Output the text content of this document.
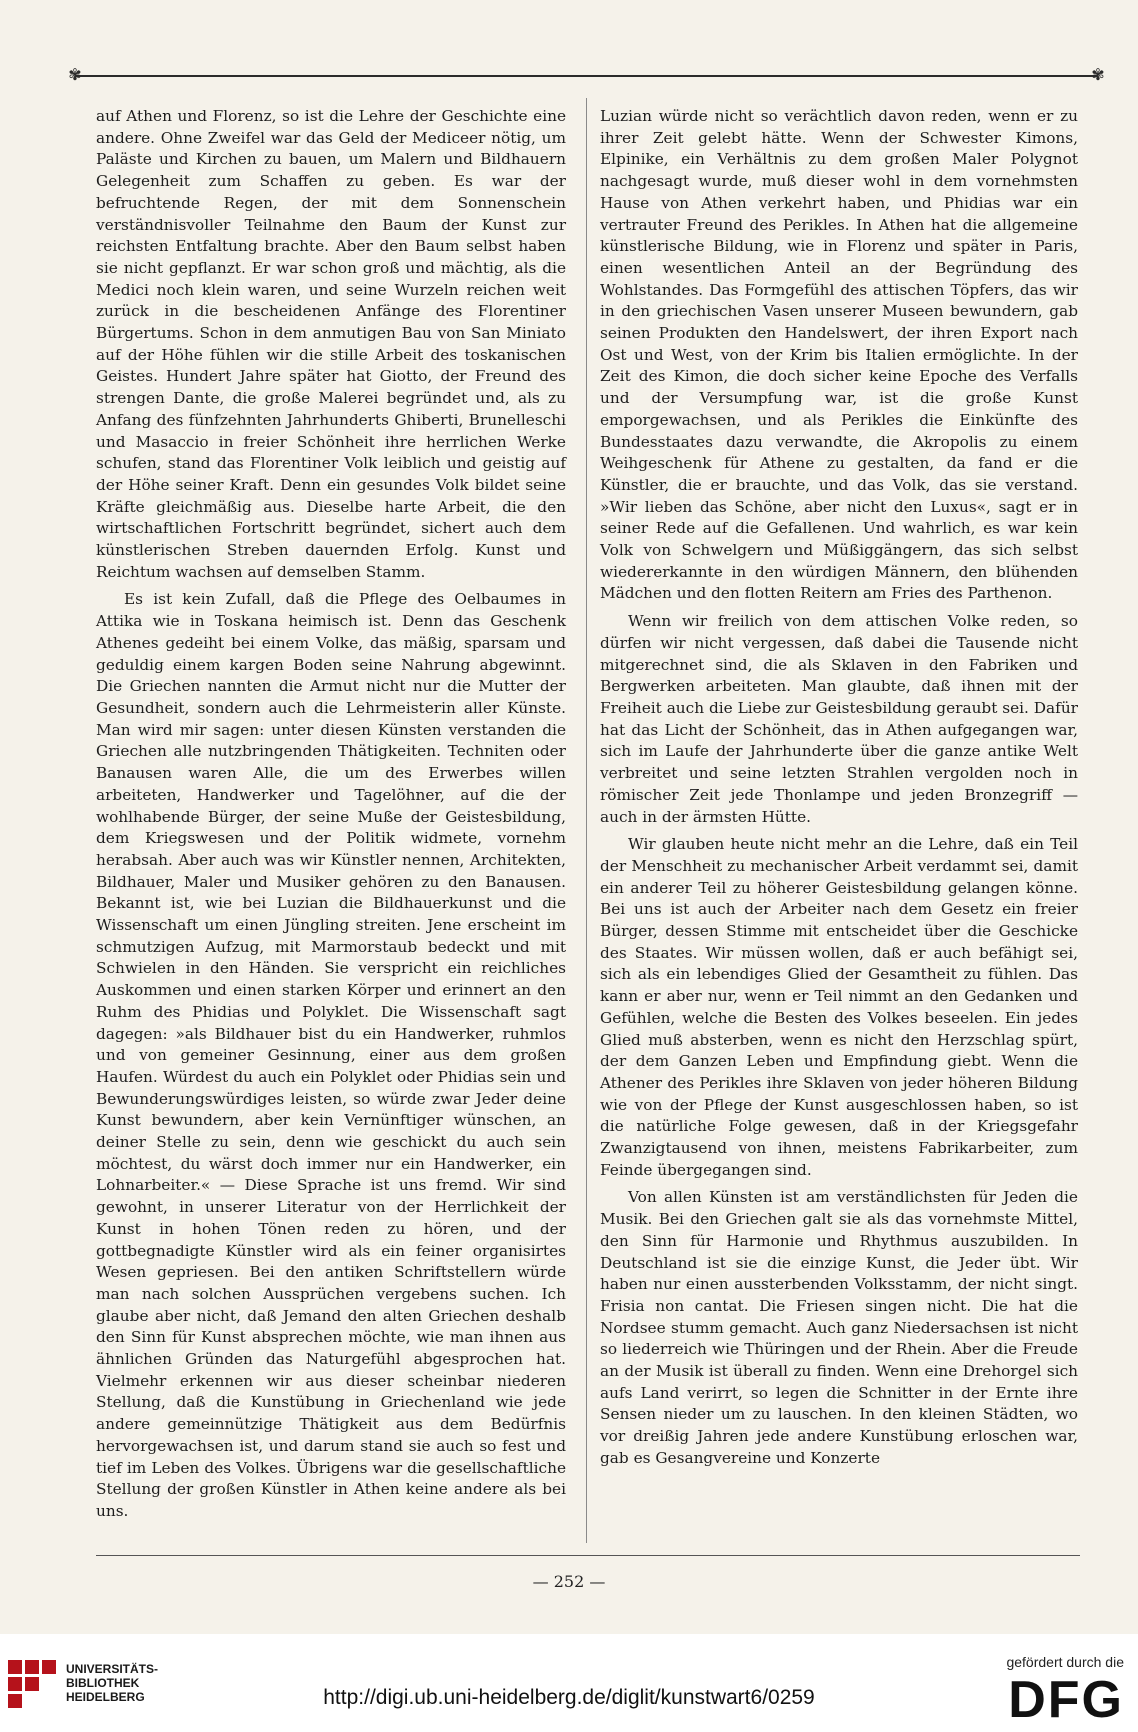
✾	✾

auf Athen und Florenz, so ist die Lehre der Geschichte eine andere. Ohne Zweifel war das Geld der Mediceer nötig, um Paläste und Kirchen zu bauen, um Malern und Bildhauern Gelegenheit zum Schaffen zu geben. Es war der befruchtende Regen, der mit dem Sonnenschein verständnisvoller Teilnahme den Baum der Kunst zur reichsten Entfaltung brachte. Aber den Baum selbst haben sie nicht gepflanzt. Er war schon groß und mächtig, als die Medici noch klein waren, und seine Wurzeln reichen weit zurück in die bescheidenen Anfänge des Florentiner Bürgertums. Schon in dem anmutigen Bau von San Miniato auf der Höhe fühlen wir die stille Arbeit des toskanischen Geistes. Hundert Jahre später hat Giotto, der Freund des strengen Dante, die große Malerei begründet und, als zu Anfang des fünfzehnten Jahrhunderts Ghiberti, Brunelleschi und Masaccio in freier Schönheit ihre herrlichen Werke schufen, stand das Florentiner Volk leiblich und geistig auf der Höhe seiner Kraft. Denn ein gesundes Volk bildet seine Kräfte gleichmäßig aus. Dieselbe harte Arbeit, die den wirtschaftlichen Fortschritt begründet, sichert auch dem künstlerischen Streben dauernden Erfolg. Kunst und Reichtum wachsen auf demselben Stamm.

Es ist kein Zufall, daß die Pflege des Oelbaumes in Attika wie in Toskana heimisch ist. Denn das Geschenk Athenes gedeiht bei einem Volke, das mäßig, sparsam und geduldig einem kargen Boden seine Nahrung abgewinnt. Die Griechen nannten die Armut nicht nur die Mutter der Gesundheit, sondern auch die Lehrmeisterin aller Künste. Man wird mir sagen: unter diesen Künsten verstanden die Griechen alle nutzbringenden Thätigkeiten. Techniten oder Banausen waren Alle, die um des Erwerbes willen arbeiteten, Handwerker und Tagelöhner, auf die der wohlhabende Bürger, der seine Muße der Geistesbildung, dem Kriegswesen und der Politik widmete, vornehm herabsah. Aber auch was wir Künstler nennen, Architekten, Bildhauer, Maler und Musiker gehören zu den Banausen. Bekannt ist, wie bei Luzian die Bildhauerkunst und die Wissenschaft um einen Jüngling streiten. Jene erscheint im schmutzigen Aufzug, mit Marmorstaub bedeckt und mit Schwielen in den Händen. Sie verspricht ein reichliches Auskommen und einen starken Körper und erinnert an den Ruhm des Phidias und Polyklet. Die Wissenschaft sagt dagegen: »als Bildhauer bist du ein Handwerker, ruhmlos und von gemeiner Gesinnung, einer aus dem großen Haufen. Würdest du auch ein Polyklet oder Phidias sein und Bewunderungswürdiges leisten, so würde zwar Jeder deine Kunst bewundern, aber kein Vernünftiger wünschen, an deiner Stelle zu sein, denn wie geschickt du auch sein möchtest, du wärst doch immer nur ein Handwerker, ein Lohnarbeiter.« — Diese Sprache ist uns fremd. Wir sind gewohnt, in unserer Literatur von der Herrlichkeit der Kunst in hohen Tönen reden zu hören, und der gottbegnadigte Künstler wird als ein feiner organisirtes Wesen gepriesen. Bei den antiken Schriftstellern würde man nach solchen Aussprüchen vergebens suchen. Ich glaube aber nicht, daß Jemand den alten Griechen deshalb den Sinn für Kunst absprechen möchte, wie man ihnen aus ähnlichen Gründen das Naturgefühl abgesprochen hat. Vielmehr erkennen wir aus dieser scheinbar niederen Stellung, daß die Kunstübung in Griechenland wie jede andere gemeinnützige Thätigkeit aus dem Bedürfnis hervorgewachsen ist, und darum stand sie auch so fest und tief im Leben des Volkes. Übrigens war die gesellschaftliche Stellung der großen Künstler in Athen keine andere als bei uns.

Luzian würde nicht so verächtlich davon reden, wenn er zu ihrer Zeit gelebt hätte. Wenn der Schwester Kimons, Elpinike, ein Verhältnis zu dem großen Maler Polygnot nachgesagt wurde, muß dieser wohl in dem vornehmsten Hause von Athen verkehrt haben, und Phidias war ein vertrauter Freund des Perikles. In Athen hat die allgemeine künstlerische Bildung, wie in Florenz und später in Paris, einen wesentlichen Anteil an der Begründung des Wohlstandes. Das Formgefühl des attischen Töpfers, das wir in den griechischen Vasen unserer Museen bewundern, gab seinen Produkten den Handelswert, der ihren Export nach Ost und West, von der Krim bis Italien ermöglichte. In der Zeit des Kimon, die doch sicher keine Epoche des Verfalls und der Versumpfung war, ist die große Kunst emporgewachsen, und als Perikles die Einkünfte des Bundesstaates dazu verwandte, die Akropolis zu einem Weihgeschenk für Athene zu gestalten, da fand er die Künstler, die er brauchte, und das Volk, das sie verstand. »Wir lieben das Schöne, aber nicht den Luxus«, sagt er in seiner Rede auf die Gefallenen. Und wahrlich, es war kein Volk von Schwelgern und Müßiggängern, das sich selbst wiedererkannte in den würdigen Männern, den blühenden Mädchen und den flotten Reitern am Fries des Parthenon.

Wenn wir freilich von dem attischen Volke reden, so dürfen wir nicht vergessen, daß dabei die Tausende nicht mitgerechnet sind, die als Sklaven in den Fabriken und Bergwerken arbeiteten. Man glaubte, daß ihnen mit der Freiheit auch die Liebe zur Geistesbildung geraubt sei. Dafür hat das Licht der Schönheit, das in Athen aufgegangen war, sich im Laufe der Jahrhunderte über die ganze antike Welt verbreitet und seine letzten Strahlen vergolden noch in römischer Zeit jede Thonlampe und jeden Bronzegriff — auch in der ärmsten Hütte.

Wir glauben heute nicht mehr an die Lehre, daß ein Teil der Menschheit zu mechanischer Arbeit verdammt sei, damit ein anderer Teil zu höherer Geistesbildung gelangen könne. Bei uns ist auch der Arbeiter nach dem Gesetz ein freier Bürger, dessen Stimme mit entscheidet über die Geschicke des Staates. Wir müssen wollen, daß er auch befähigt sei, sich als ein lebendiges Glied der Gesamtheit zu fühlen. Das kann er aber nur, wenn er Teil nimmt an den Gedanken und Gefühlen, welche die Besten des Volkes beseelen. Ein jedes Glied muß absterben, wenn es nicht den Herzschlag spürt, der dem Ganzen Leben und Empfindung giebt. Wenn die Athener des Perikles ihre Sklaven von jeder höheren Bildung wie von der Pflege der Kunst ausgeschlossen haben, so ist die natürliche Folge gewesen, daß in der Kriegsgefahr Zwanzigtausend von ihnen, meistens Fabrikarbeiter, zum Feinde übergegangen sind.

Von allen Künsten ist am verständlichsten für Jeden die Musik. Bei den Griechen galt sie als das vornehmste Mittel, den Sinn für Harmonie und Rhythmus auszubilden. In Deutschland ist sie die einzige Kunst, die Jeder übt. Wir haben nur einen aussterbenden Volksstamm, der nicht singt. Frisia non cantat. Die Friesen singen nicht. Die hat die Nordsee stumm gemacht. Auch ganz Niedersachsen ist nicht so liederreich wie Thüringen und der Rhein. Aber die Freude an der Musik ist überall zu finden. Wenn eine Drehorgel sich aufs Land verirrt, so legen die Schnitter in der Ernte ihre Sensen nieder um zu lauschen. In den kleinen Städten, wo vor dreißig Jahren jede andere Kunstübung erloschen war, gab es Gesangvereine und Konzerte

— 252 —
UNIVERSITÄTS-
BIBLIOTHEK
HEIDELBERG	http://digi.ub.uni-heidelberg.de/diglit/kunstwart6/0259
gefördert durch die
DFG
